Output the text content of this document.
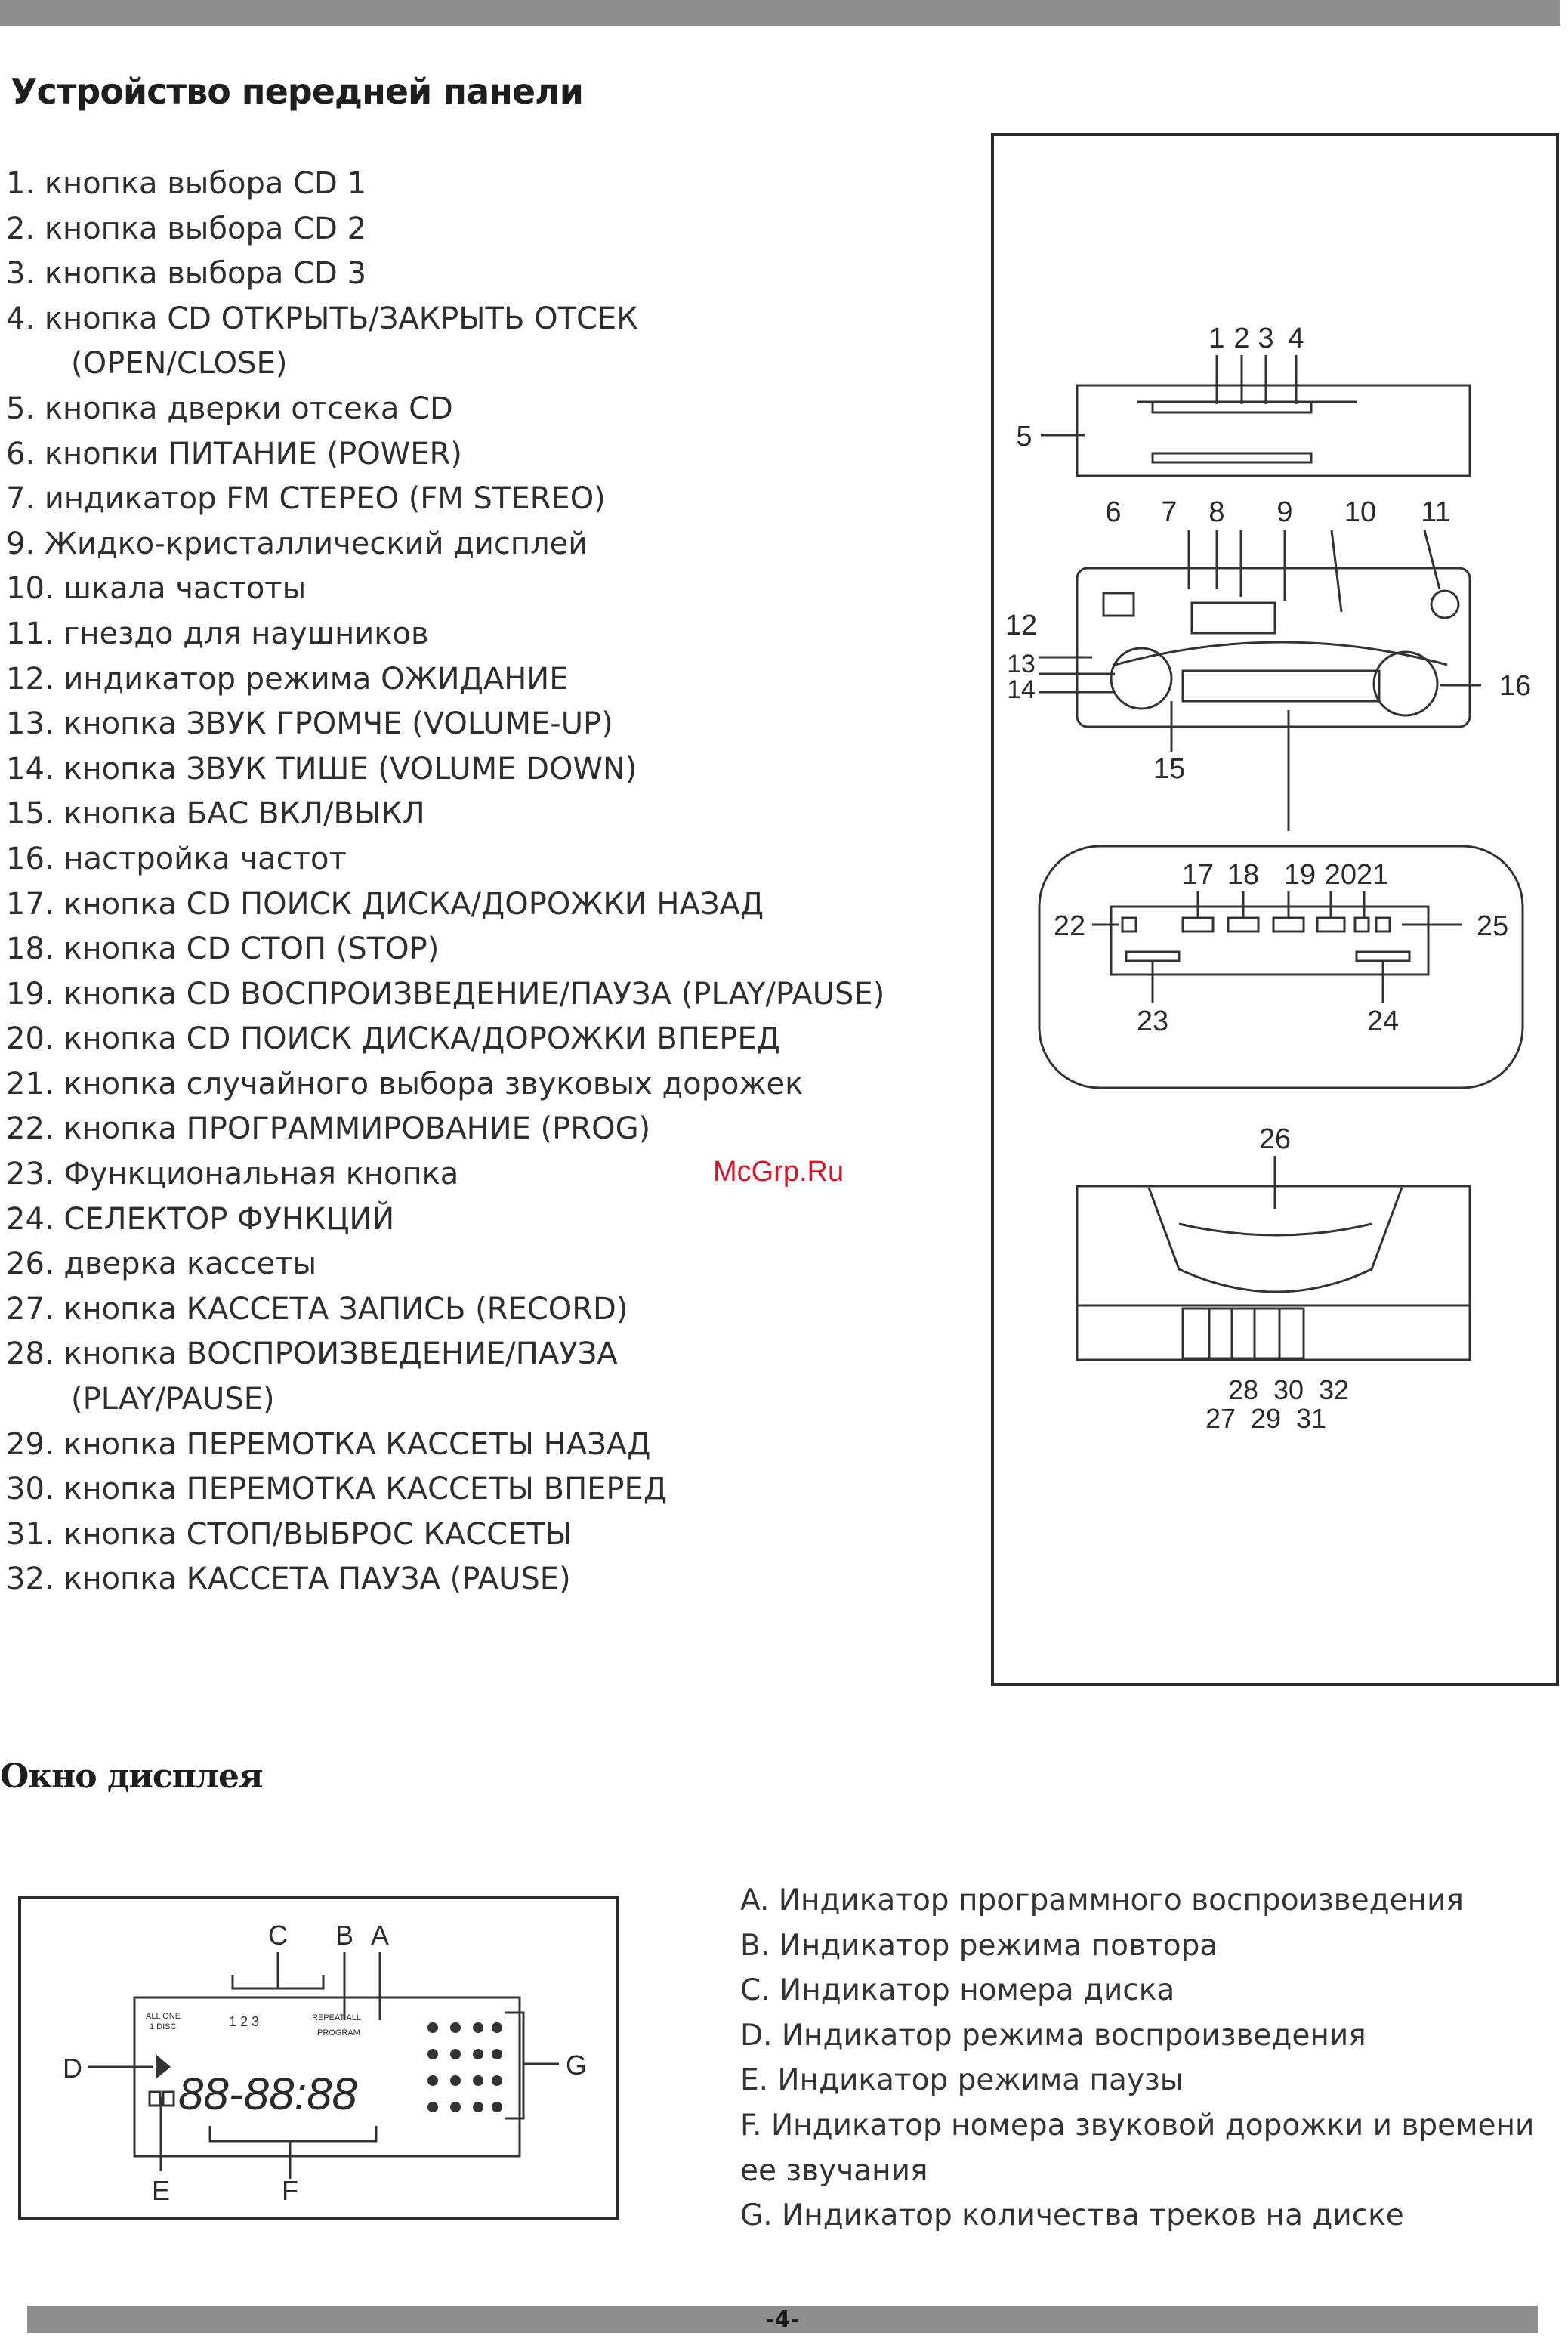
Устройство передней панели
1. кнопка выбора CD 1
2. кнопка выбора CD 2
3. кнопка выбора CD 3
4. кнопка CD ОТКРЫТЬ/ЗАКРЫТЬ ОТСЕК
(OPEN/CLOSE)
5. кнопка дверки отсека CD
6. кнопки ПИТАНИЕ (POWER)
7. индикатор FM СТЕРЕО (FM STEREO)
9. Жидко-кристаллический дисплей
10. шкала частоты
11. гнездо для наушников
12. индикатор режима ОЖИДАНИЕ
13. кнопка ЗВУК ГРОМЧЕ (VOLUME-UP)
14. кнопка ЗВУК ТИШЕ (VOLUME DOWN)
15. кнопка БАС ВКЛ/ВЫКЛ
16. настройка частот
17. кнопка CD ПОИСК ДИСКА/ДОРОЖКИ НАЗАД
18. кнопка CD СТОП (STOP)
19. кнопка CD ВОСПРОИЗВЕДЕНИЕ/ПАУЗА (PLAY/PAUSE)
20. кнопка CD ПОИСК ДИСКА/ДОРОЖКИ ВПЕРЕД
21. кнопка случайного выбора звуковых дорожек
22. кнопка ПРОГРАММИРОВАНИЕ (PROG)
23. Функциональная кнопка
24. СЕЛЕКТОР ФУНКЦИЙ
26. дверка кассеты
27. кнопка КАССЕТА ЗАПИСЬ (RECORD)
28. кнопка ВОСПРОИЗВЕДЕНИЕ/ПАУЗА
(PLAY/PAUSE)
29. кнопка ПЕРЕМОТКА КАССЕТЫ НАЗАД
30. кнопка ПЕРЕМОТКА КАССЕТЫ ВПЕРЕД
31. кнопка СТОП/ВЫБРОС КАССЕТЫ
32. кнопка КАССЕТА ПАУЗА (PAUSE)
McGrp.Ru
1 2 3 4
5
6 7 8 9 10 11
12
13
14
15
16
17 18 19 2021
22
23	24
25
26
28 30 32
27 29 31
-4-
Окно дисплея
C B A
D
E	F
G
ALL ONE
1 DISC	1 2 3	REPEAT ALL
PROGRAM
88-88:88
A. Индикатор программного воспроизведения
B. Индикатор режима повтора
C. Индикатор номера диска
D. Индикатор режима воспроизведения
E. Индикатор режима паузы
F. Индикатор номера звуковой дорожки и времени ее звучания
G. Индикатор количества треков на диске
